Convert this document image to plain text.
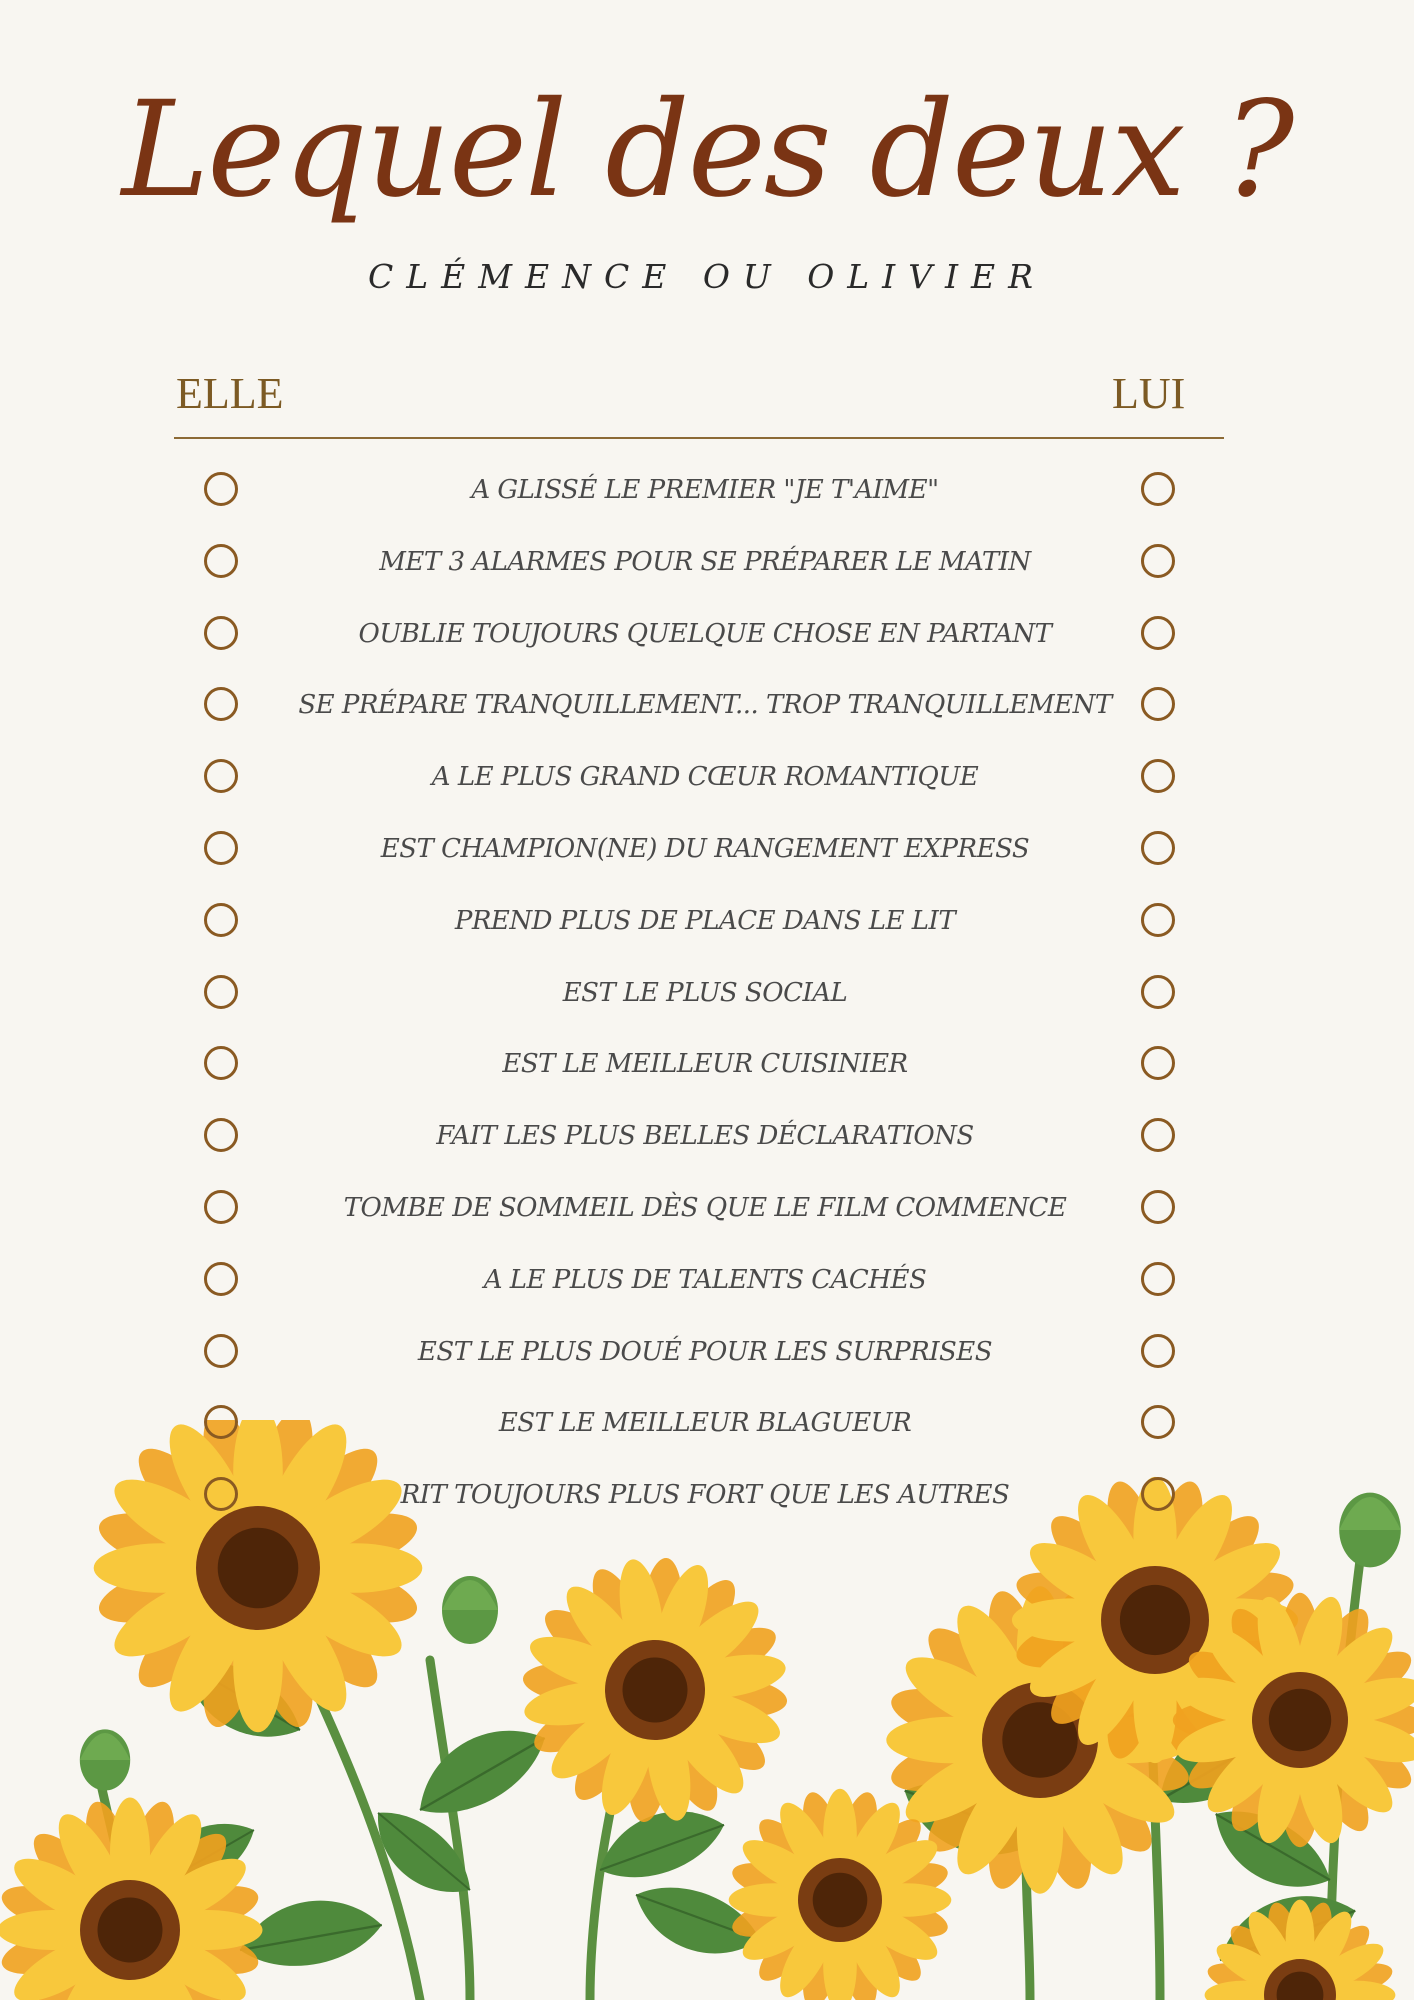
Lequel des deux ?
CLÉMENCE OU OLIVIER
ELLE	LUI
A GLISSÉ LE PREMIER "JE T'AIME"
MET 3 ALARMES POUR SE PRÉPARER LE MATIN
OUBLIE TOUJOURS QUELQUE CHOSE EN PARTANT
SE PRÉPARE TRANQUILLEMENT... TROP TRANQUILLEMENT
A LE PLUS GRAND CŒUR ROMANTIQUE
EST CHAMPION(NE) DU RANGEMENT EXPRESS
PREND PLUS DE PLACE DANS LE LIT
EST LE PLUS SOCIAL
EST LE MEILLEUR CUISINIER
FAIT LES PLUS BELLES DÉCLARATIONS
TOMBE DE SOMMEIL DÈS QUE LE FILM COMMENCE
A LE PLUS DE TALENTS CACHÉS
EST LE PLUS DOUÉ POUR LES SURPRISES
EST LE MEILLEUR BLAGUEUR
RIT TOUJOURS PLUS FORT QUE LES AUTRES
